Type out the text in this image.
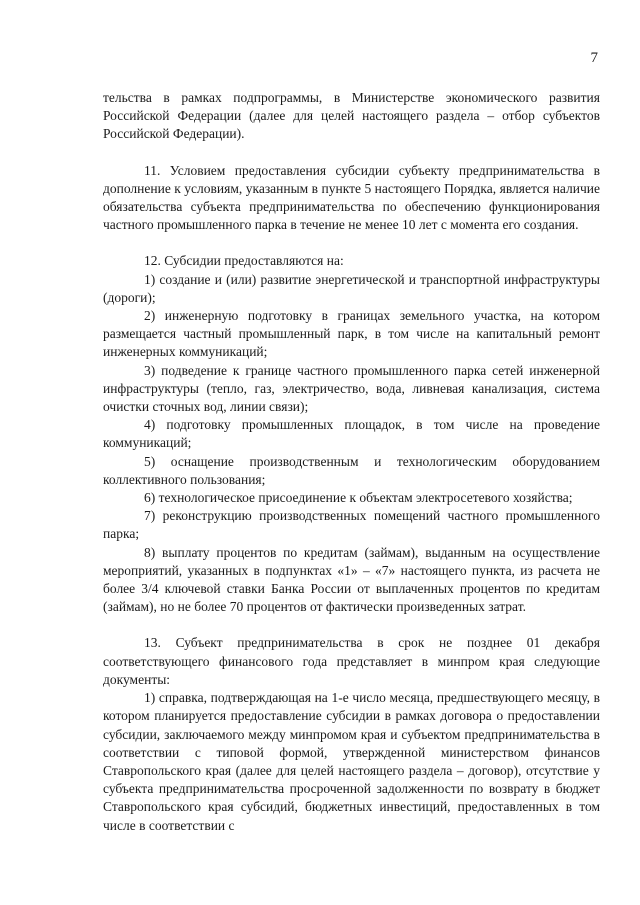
7

тельства в рамках подпрограммы, в Министерстве экономического развития Российской Федерации (далее для целей настоящего раздела – отбор субъектов Российской Федерации).

11. Условием предоставления субсидии субъекту предпринимательства в дополнение к условиям, указанным в пункте 5 настоящего Порядка, является наличие обязательства субъекта предпринимательства по обеспечению функционирования частного промышленного парка в течение не менее 10 лет с момента его создания.

12. Субсидии предоставляются на:

1) создание и (или) развитие энергетической и транспортной инфраструктуры (дороги);

2) инженерную подготовку в границах земельного участка, на котором размещается частный промышленный парк, в том числе на капитальный ремонт инженерных коммуникаций;

3) подведение к границе частного промышленного парка сетей инженерной инфраструктуры (тепло, газ, электричество, вода, ливневая канализация, система очистки сточных вод, линии связи);

4) подготовку промышленных площадок, в том числе на проведение коммуникаций;

5) оснащение производственным и технологическим оборудованием коллективного пользования;

6) технологическое присоединение к объектам электросетевого хозяйства;

7) реконструкцию производственных помещений частного промышленного парка;

8) выплату процентов по кредитам (займам), выданным на осуществление мероприятий, указанных в подпунктах «1» – «7» настоящего пункта, из расчета не более 3/4 ключевой ставки Банка России от выплаченных процентов по кредитам (займам), но не более 70 процентов от фактически произведенных затрат.

13. Субъект предпринимательства в срок не позднее 01 декабря соответствующего финансового года представляет в минпром края следующие документы:

1) справка, подтверждающая на 1-е число месяца, предшествующего месяцу, в котором планируется предоставление субсидии в рамках договора о предоставлении субсидии, заключаемого между минпромом края и субъектом предпринимательства в соответствии с типовой формой, утвержденной министерством финансов Ставропольского края (далее для целей настоящего раздела – договор), отсутствие у субъекта предпринимательства просроченной задолженности по возврату в бюджет Ставропольского края субсидий, бюджетных инвестиций, предоставленных в том числе в соответствии с
